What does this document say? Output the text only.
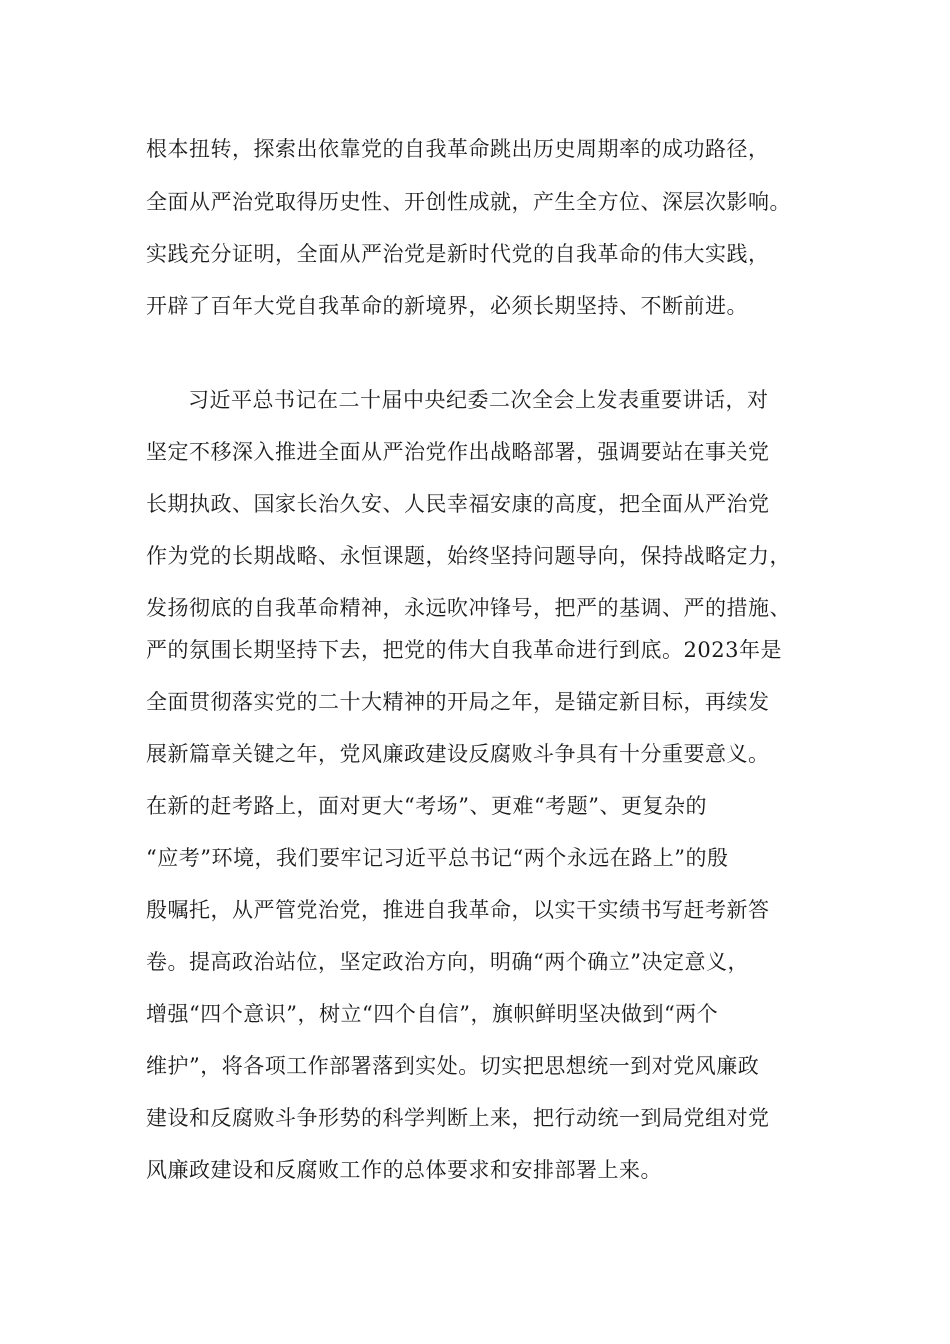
根本扭转，探索出依靠党的自我革命跳出历史周期率的成功路径，
全面从严治党取得历史性、开创性成就，产生全方位、深层次影响。
实践充分证明，全面从严治党是新时代党的自我革命的伟大实践，
开辟了百年大党自我革命的新境界，必须长期坚持、不断前进。
习近平总书记在二十届中央纪委二次全会上发表重要讲话，对
坚定不移深入推进全面从严治党作出战略部署，强调要站在事关党
长期执政、国家长治久安、人民幸福安康的高度，把全面从严治党
作为党的长期战略、永恒课题，始终坚持问题导向，保持战略定力，
发扬彻底的自我革命精神，永远吹冲锋号，把严的基调、严的措施、
严的氛围长期坚持下去，把党的伟大自我革命进行到底。2023年是
全面贯彻落实党的二十大精神的开局之年，是锚定新目标，再续发
展新篇章关键之年，党风廉政建设反腐败斗争具有十分重要意义。
在新的赶考路上，面对更大“考场”、更难“考题”、更复杂的
“应考”环境，我们要牢记习近平总书记“两个永远在路上”的殷
殷嘱托，从严管党治党，推进自我革命，以实干实绩书写赶考新答
卷。提高政治站位，坚定政治方向，明确“两个确立”决定意义，
增强“四个意识”，树立“四个自信”，旗帜鲜明坚决做到“两个
维护”，将各项工作部署落到实处。切实把思想统一到对党风廉政
建设和反腐败斗争形势的科学判断上来，把行动统一到局党组对党
风廉政建设和反腐败工作的总体要求和安排部署上来。
